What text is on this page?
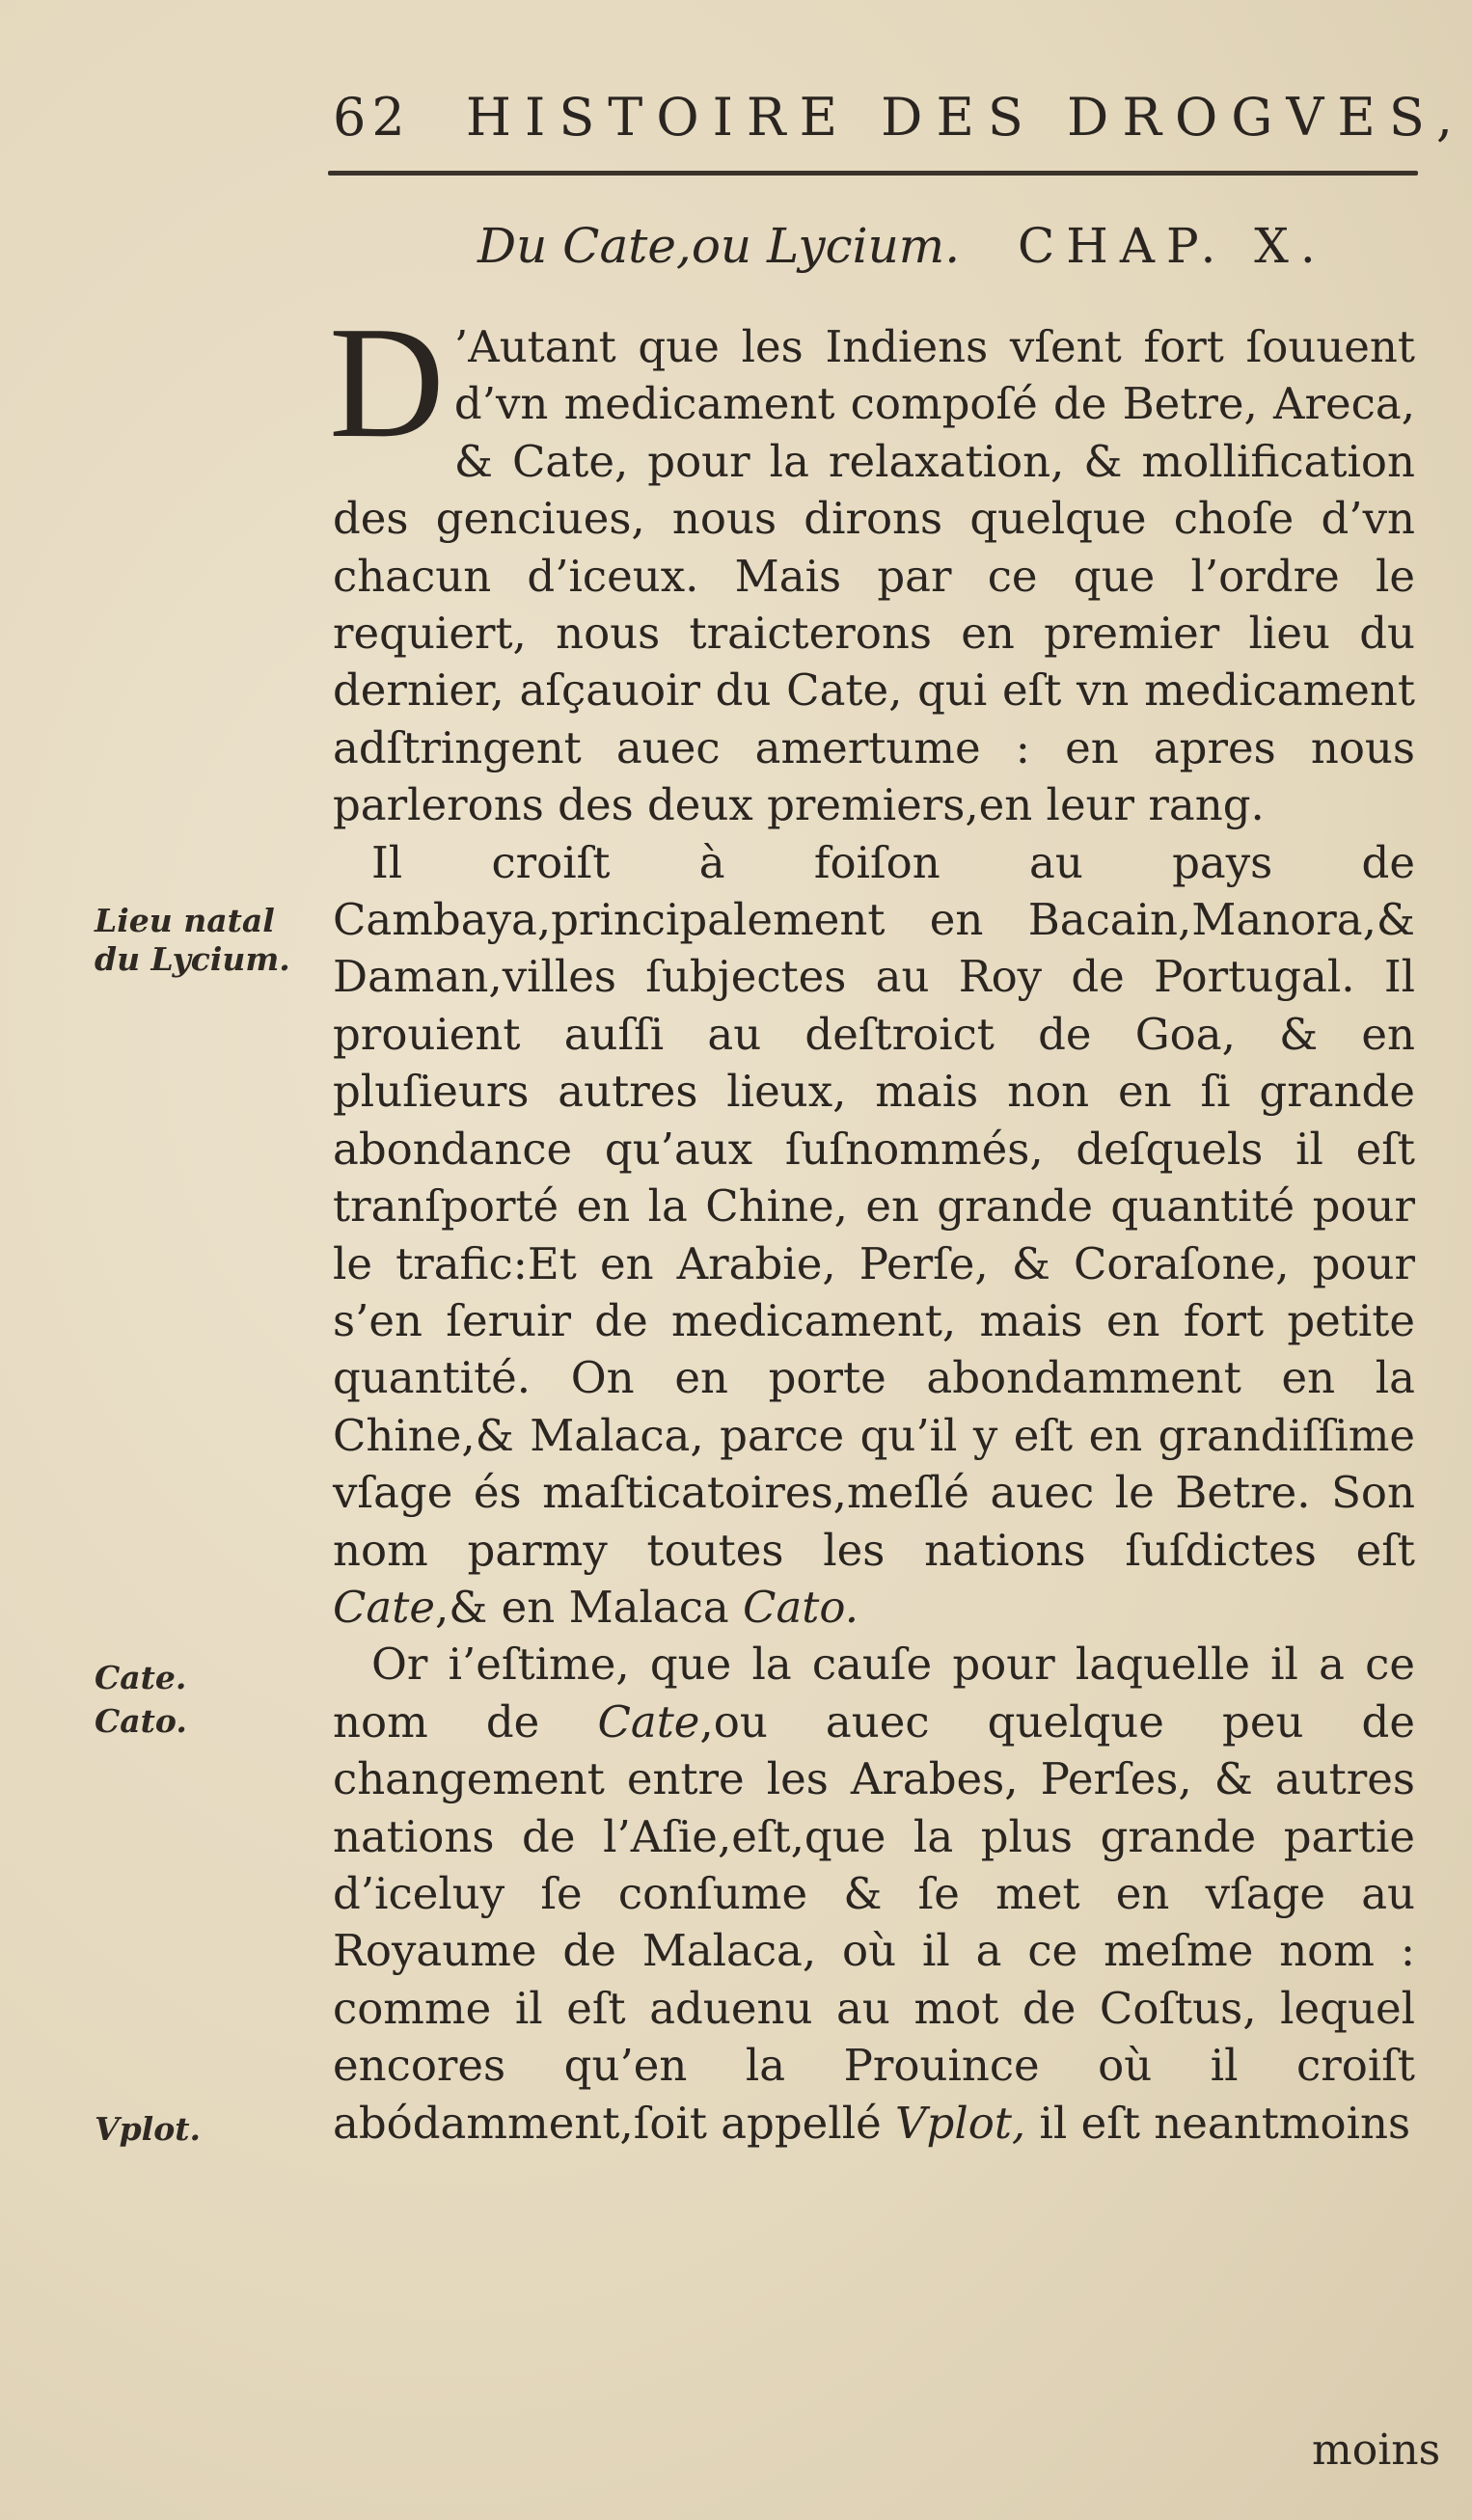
62 HISTOIRE DES DROGVES,
Du Cate,ou Lycium. CHAP. X.
D ’Autant que les Indiens vſent fort ſouuent d’vn medicament compoſé de Betre, Areca, & Cate, pour la relaxation, & mollification des genciues, nous dirons quelque choſe d’vn chacun d’iceux. Mais par ce que l’ordre le requiert, nous traicterons en premier lieu du dernier, aſçauoir du Cate, qui eſt vn medicament adſtringent auec amertume : en apres nous parlerons des deux premiers,en leur rang.

Il croiſt à foiſon au pays de Cambaya,principalement en Bacain,Manora,& Daman,villes ſubjectes au Roy de Portugal. Il prouient auſſi au deſtroict de Goa, & en pluſieurs autres lieux, mais non en ſi grande abondance qu’aux ſuſnommés, deſquels il eſt tranſporté en la Chine, en grande quantité pour le trafic:Et en Arabie, Perſe, & Coraſone, pour s’en ſeruir de medicament, mais en fort petite quantité. On en porte abondamment en la Chine,& Malaca, parce qu’il y eſt en grandiſſime vſage és maſticatoires,meſlé auec le Betre. Son nom parmy toutes les nations ſuſdictes eſt Cate,& en Malaca Cato.

Or i’eſtime, que la cauſe pour laquelle il a ce nom de Cate,ou auec quelque peu de changement entre les Arabes, Perſes, & autres nations de l’Aſie,eſt,que la plus grande partie d’iceluy ſe conſume & ſe met en vſage au Royaume de Malaca, où il a ce meſme nom : comme il eſt aduenu au mot de Coſtus, lequel encores qu’en la Prouince où il croiſt abódamment,ſoit appellé Vplot, il eſt neantmoins

Lieu natal du Lycium.
Cate.
Cato.
Vplot.
moins
